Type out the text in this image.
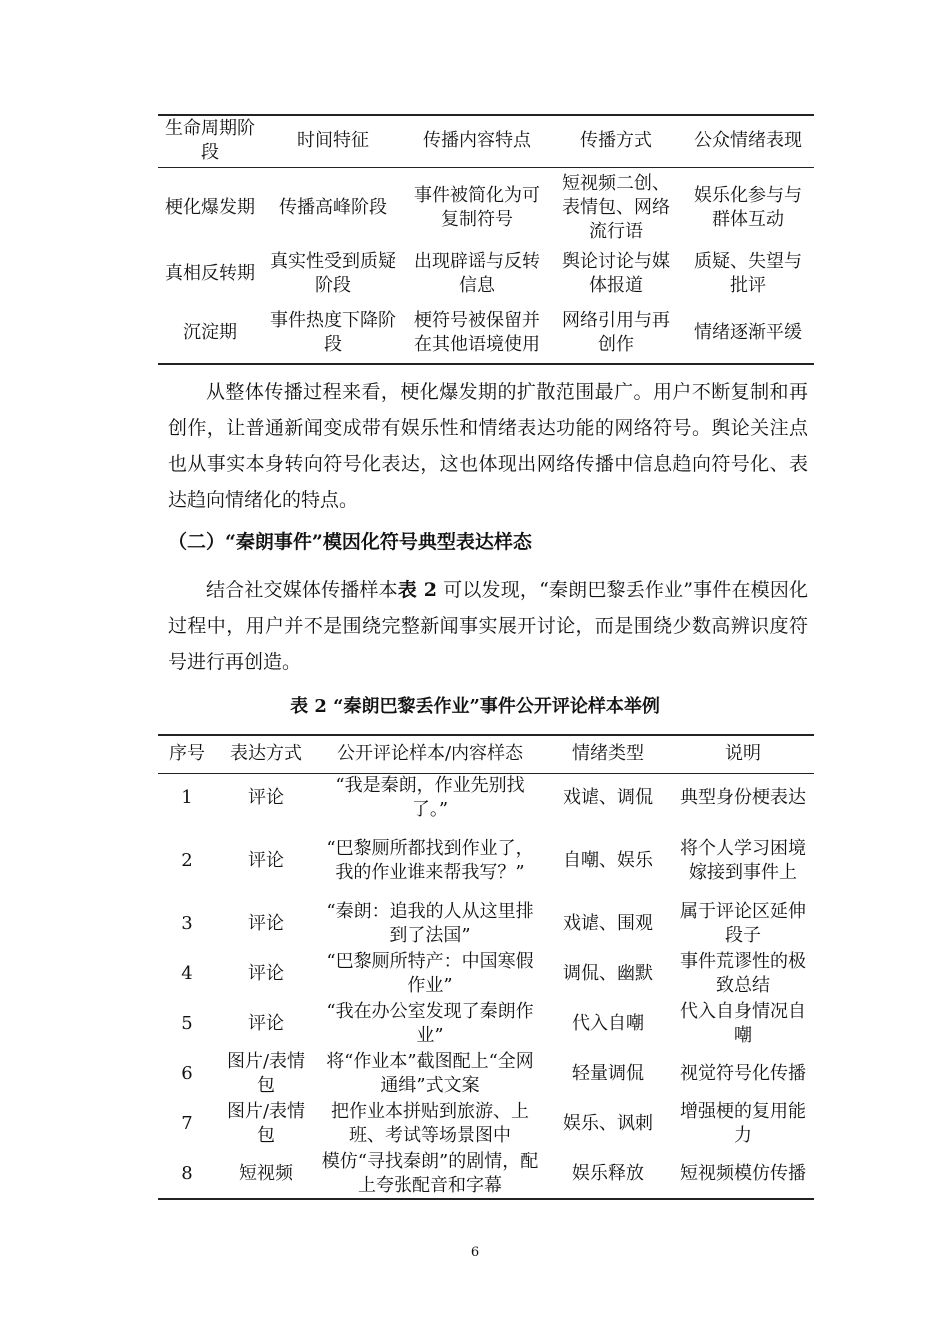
生命周期阶段	时间特征	传播内容特点	传播方式	公众情绪表现
梗化爆发期	传播高峰阶段	事件被简化为可复制符号	短视频二创、表情包、网络流行语	娱乐化参与与群体互动
真相反转期	真实性受到质疑阶段	出现辟谣与反转信息	舆论讨论与媒体报道	质疑、失望与批评
沉淀期	事件热度下降阶段	梗符号被保留并在其他语境使用	网络引用与再创作	情绪逐渐平缓

从整体传播过程来看，梗化爆发期的扩散范围最广。用户不断复制和再创作，让普通新闻变成带有娱乐性和情绪表达功能的网络符号。舆论关注点也从事实本身转向符号化表达，这也体现出网络传播中信息趋向符号化、表达趋向情绪化的特点。

（二）“秦朗事件”模因化符号典型表达样态

结合社交媒体传播样本表 2 可以发现，“秦朗巴黎丢作业”事件在模因化过程中，用户并不是围绕完整新闻事实展开讨论，而是围绕少数高辨识度符号进行再创造。

表 2 “秦朗巴黎丢作业”事件公开评论样本举例

序号	表达方式	公开评论样本/内容样态	情绪类型	说明
1	评论	“我是秦朗，作业先别找了。”	戏谑、调侃	典型身份梗表达
2	评论	“巴黎厕所都找到作业了，我的作业谁来帮我写？”	自嘲、娱乐	将个人学习困境嫁接到事件上
3	评论	“秦朗：追我的人从这里排到了法国”	戏谑、围观	属于评论区延伸段子
4	评论	“巴黎厕所特产：中国寒假作业”	调侃、幽默	事件荒谬性的极致总结
5	评论	“我在办公室发现了秦朗作业”	代入自嘲	代入自身情况自嘲
6	图片/表情包	将“作业本”截图配上“全网通缉”式文案	轻量调侃	视觉符号化传播
7	图片/表情包	把作业本拼贴到旅游、上班、考试等场景图中	娱乐、讽刺	增强梗的复用能力
8	短视频	模仿“寻找秦朗”的剧情，配上夸张配音和字幕	娱乐释放	短视频模仿传播

6
